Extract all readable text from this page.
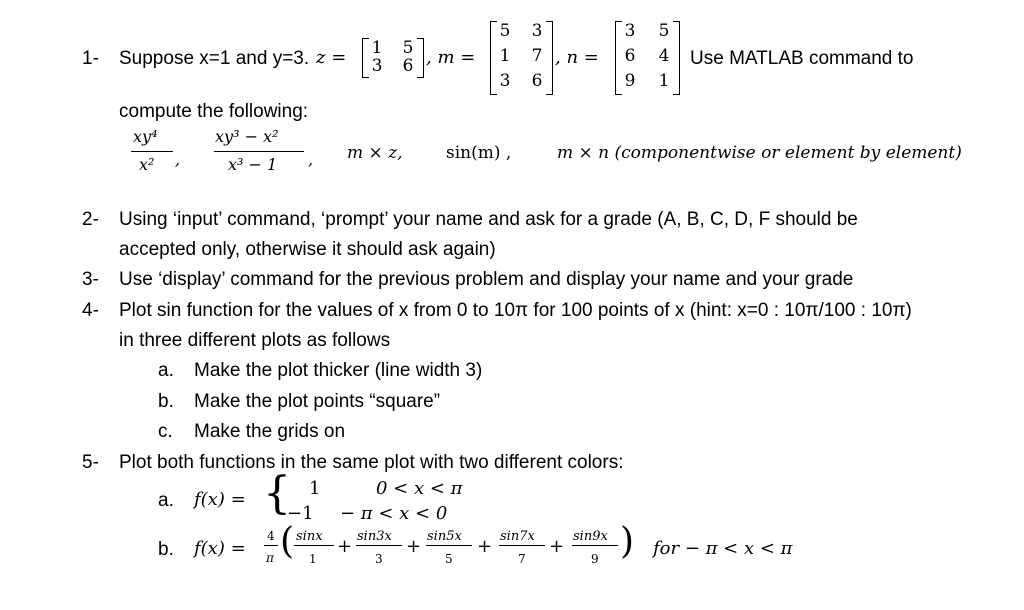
1- Suppose x=1 and y=3. z = 1 5
3 6 , m =
5 3
1 7
3 6
, n =
3 5
6 4
9 1
Use MATLAB command to
compute the following:
xy⁴
x² ,
xy³ − x²
x³ − 1 , m × z,	sin(m) ,	m × n (componentwise or element by element)
2- Using ‘input’ command, ‘prompt’ your name and ask for a grade (A, B, C, D, F should be
accepted only, otherwise it should ask again)
3- Use ‘display’ command for the previous problem and display your name and your grade
4- Plot sin function for the values of x from 0 to 10π for 100 points of x (hint: x=0 : 10π/100 : 10π)
in three different plots as follows
a. Make the plot thicker (line width 3)
b. Make the plot points “square”
c. Make the grids on
5- Plot both functions in the same plot with two different colors:
a. f(x) = { 1
−1
0 < x < π
− π < x < 0
b. f(x) =
4
π ( sinx
1
+ sin3x
3
+ sin5x
5
+ sin7x
7
+ sin9x
9 ) for − π < x < π
